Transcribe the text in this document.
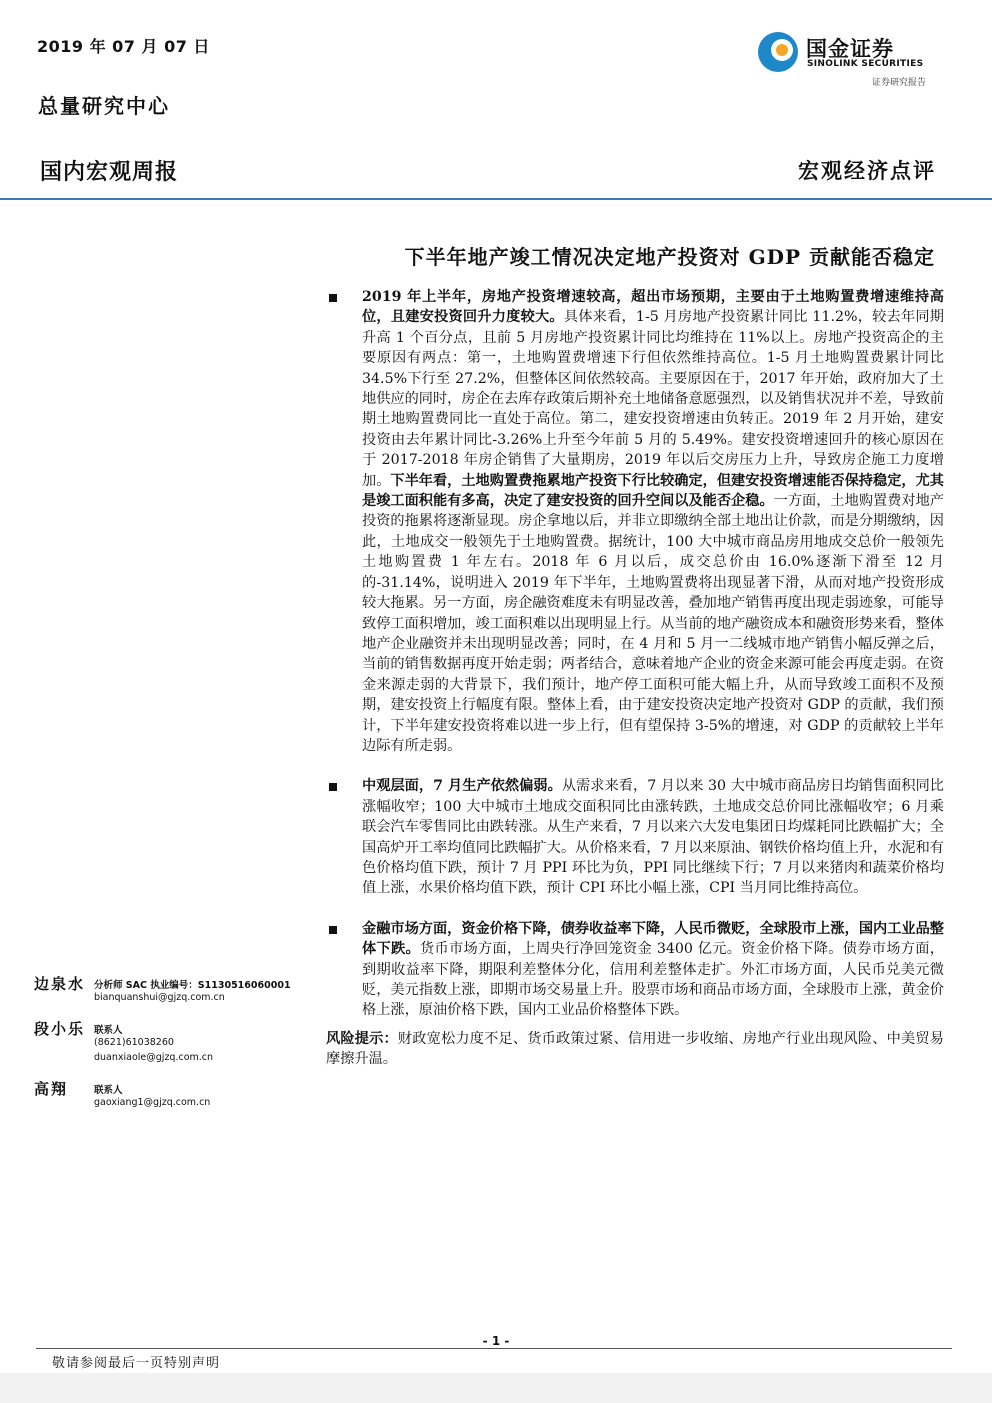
2019 年 07 月 07 日
总量研究中心
国金证券
SINOLINK SECURITIES
证券研究报告
国内宏观周报	宏观经济点评
下半年地产竣工情况决定地产投资对 GDP 贡献能否稳定

2019 年上半年，房地产投资增速较高，超出市场预期，主要由于土地购置费增速维持高位，且建安投资回升力度较大。具体来看，1-5 月房地产投资累计同比 11.2%，较去年同期升高 1 个百分点，且前 5 月房地产投资累计同比均维持在 11%以上。房地产投资高企的主要原因有两点：第一，土地购置费增速下行但依然维持高位。1-5 月土地购置费累计同比 34.5%下行至 27.2%，但整体区间依然较高。主要原因在于，2017 年开始，政府加大了土地供应的同时，房企在去库存政策后期补充土地储备意愿强烈，以及销售状况并不差，导致前期土地购置费同比一直处于高位。第二，建安投资增速由负转正。2019 年 2 月开始，建安投资由去年累计同比-3.26%上升至今年前 5 月的 5.49%。建安投资增速回升的核心原因在于 2017-2018 年房企销售了大量期房，2019 年以后交房压力上升，导致房企施工力度增加。下半年看，土地购置费拖累地产投资下行比较确定，但建安投资增速能否保持稳定，尤其是竣工面积能有多高，决定了建安投资的回升空间以及能否企稳。一方面，土地购置费对地产投资的拖累将逐渐显现。房企拿地以后，并非立即缴纳全部土地出让价款，而是分期缴纳，因此，土地成交一般领先于土地购置费。据统计，100 大中城市商品房用地成交总价一般领先土地购置费 1 年左右。2018 年 6 月以后，成交总价由 16.0%逐渐下滑至 12 月的-31.14%，说明进入 2019 年下半年，土地购置费将出现显著下滑，从而对地产投资形成较大拖累。另一方面，房企融资难度未有明显改善，叠加地产销售再度出现走弱迹象，可能导致停工面积增加，竣工面积难以出现明显上行。从当前的地产融资成本和融资形势来看，整体地产企业融资并未出现明显改善；同时，在 4 月和 5 月一二线城市地产销售小幅反弹之后，当前的销售数据再度开始走弱；两者结合，意味着地产企业的资金来源可能会再度走弱。在资金来源走弱的大背景下，我们预计，地产停工面积可能大幅上升，从而导致竣工面积不及预期，建安投资上行幅度有限。整体上看，由于建安投资决定地产投资对 GDP 的贡献，我们预计，下半年建安投资将难以进一步上行，但有望保持 3-5%的增速，对 GDP 的贡献较上半年边际有所走弱。

中观层面，7 月生产依然偏弱。从需求来看，7 月以来 30 大中城市商品房日均销售面积同比涨幅收窄；100 大中城市土地成交面积同比由涨转跌，土地成交总价同比涨幅收窄；6 月乘联会汽车零售同比由跌转涨。从生产来看，7 月以来六大发电集团日均煤耗同比跌幅扩大；全国高炉开工率均值同比跌幅扩大。从价格来看，7 月以来原油、钢铁价格均值上升，水泥和有色价格均值下跌，预计 7 月 PPI 环比为负，PPI 同比继续下行；7 月以来猪肉和蔬菜价格均值上涨，水果价格均值下跌，预计 CPI 环比小幅上涨，CPI 当月同比维持高位。

金融市场方面，资金价格下降，债券收益率下降，人民币微贬，全球股市上涨，国内工业品整体下跌。货币市场方面，上周央行净回笼资金 3400 亿元。资金价格下降。债券市场方面，到期收益率下降，期限利差整体分化，信用利差整体走扩。外汇市场方面，人民币兑美元微贬，美元指数上涨，即期市场交易量上升。股票市场和商品市场方面，全球股市上涨，黄金价格上涨，原油价格下跌，国内工业品价格整体下跌。

风险提示：财政宽松力度不足、货币政策过紧、信用进一步收缩、房地产行业出现风险、中美贸易摩擦升温。

边泉水 分析师 SAC 执业编号：S1130516060001
bianquanshui@gjzq.com.cn
段小乐 联系人
(8621)61038260
duanxiaole@gjzq.com.cn
高翔	联系人
gaoxiang1@gjzq.com.cn
- 1 -
敬请参阅最后一页特别声明
